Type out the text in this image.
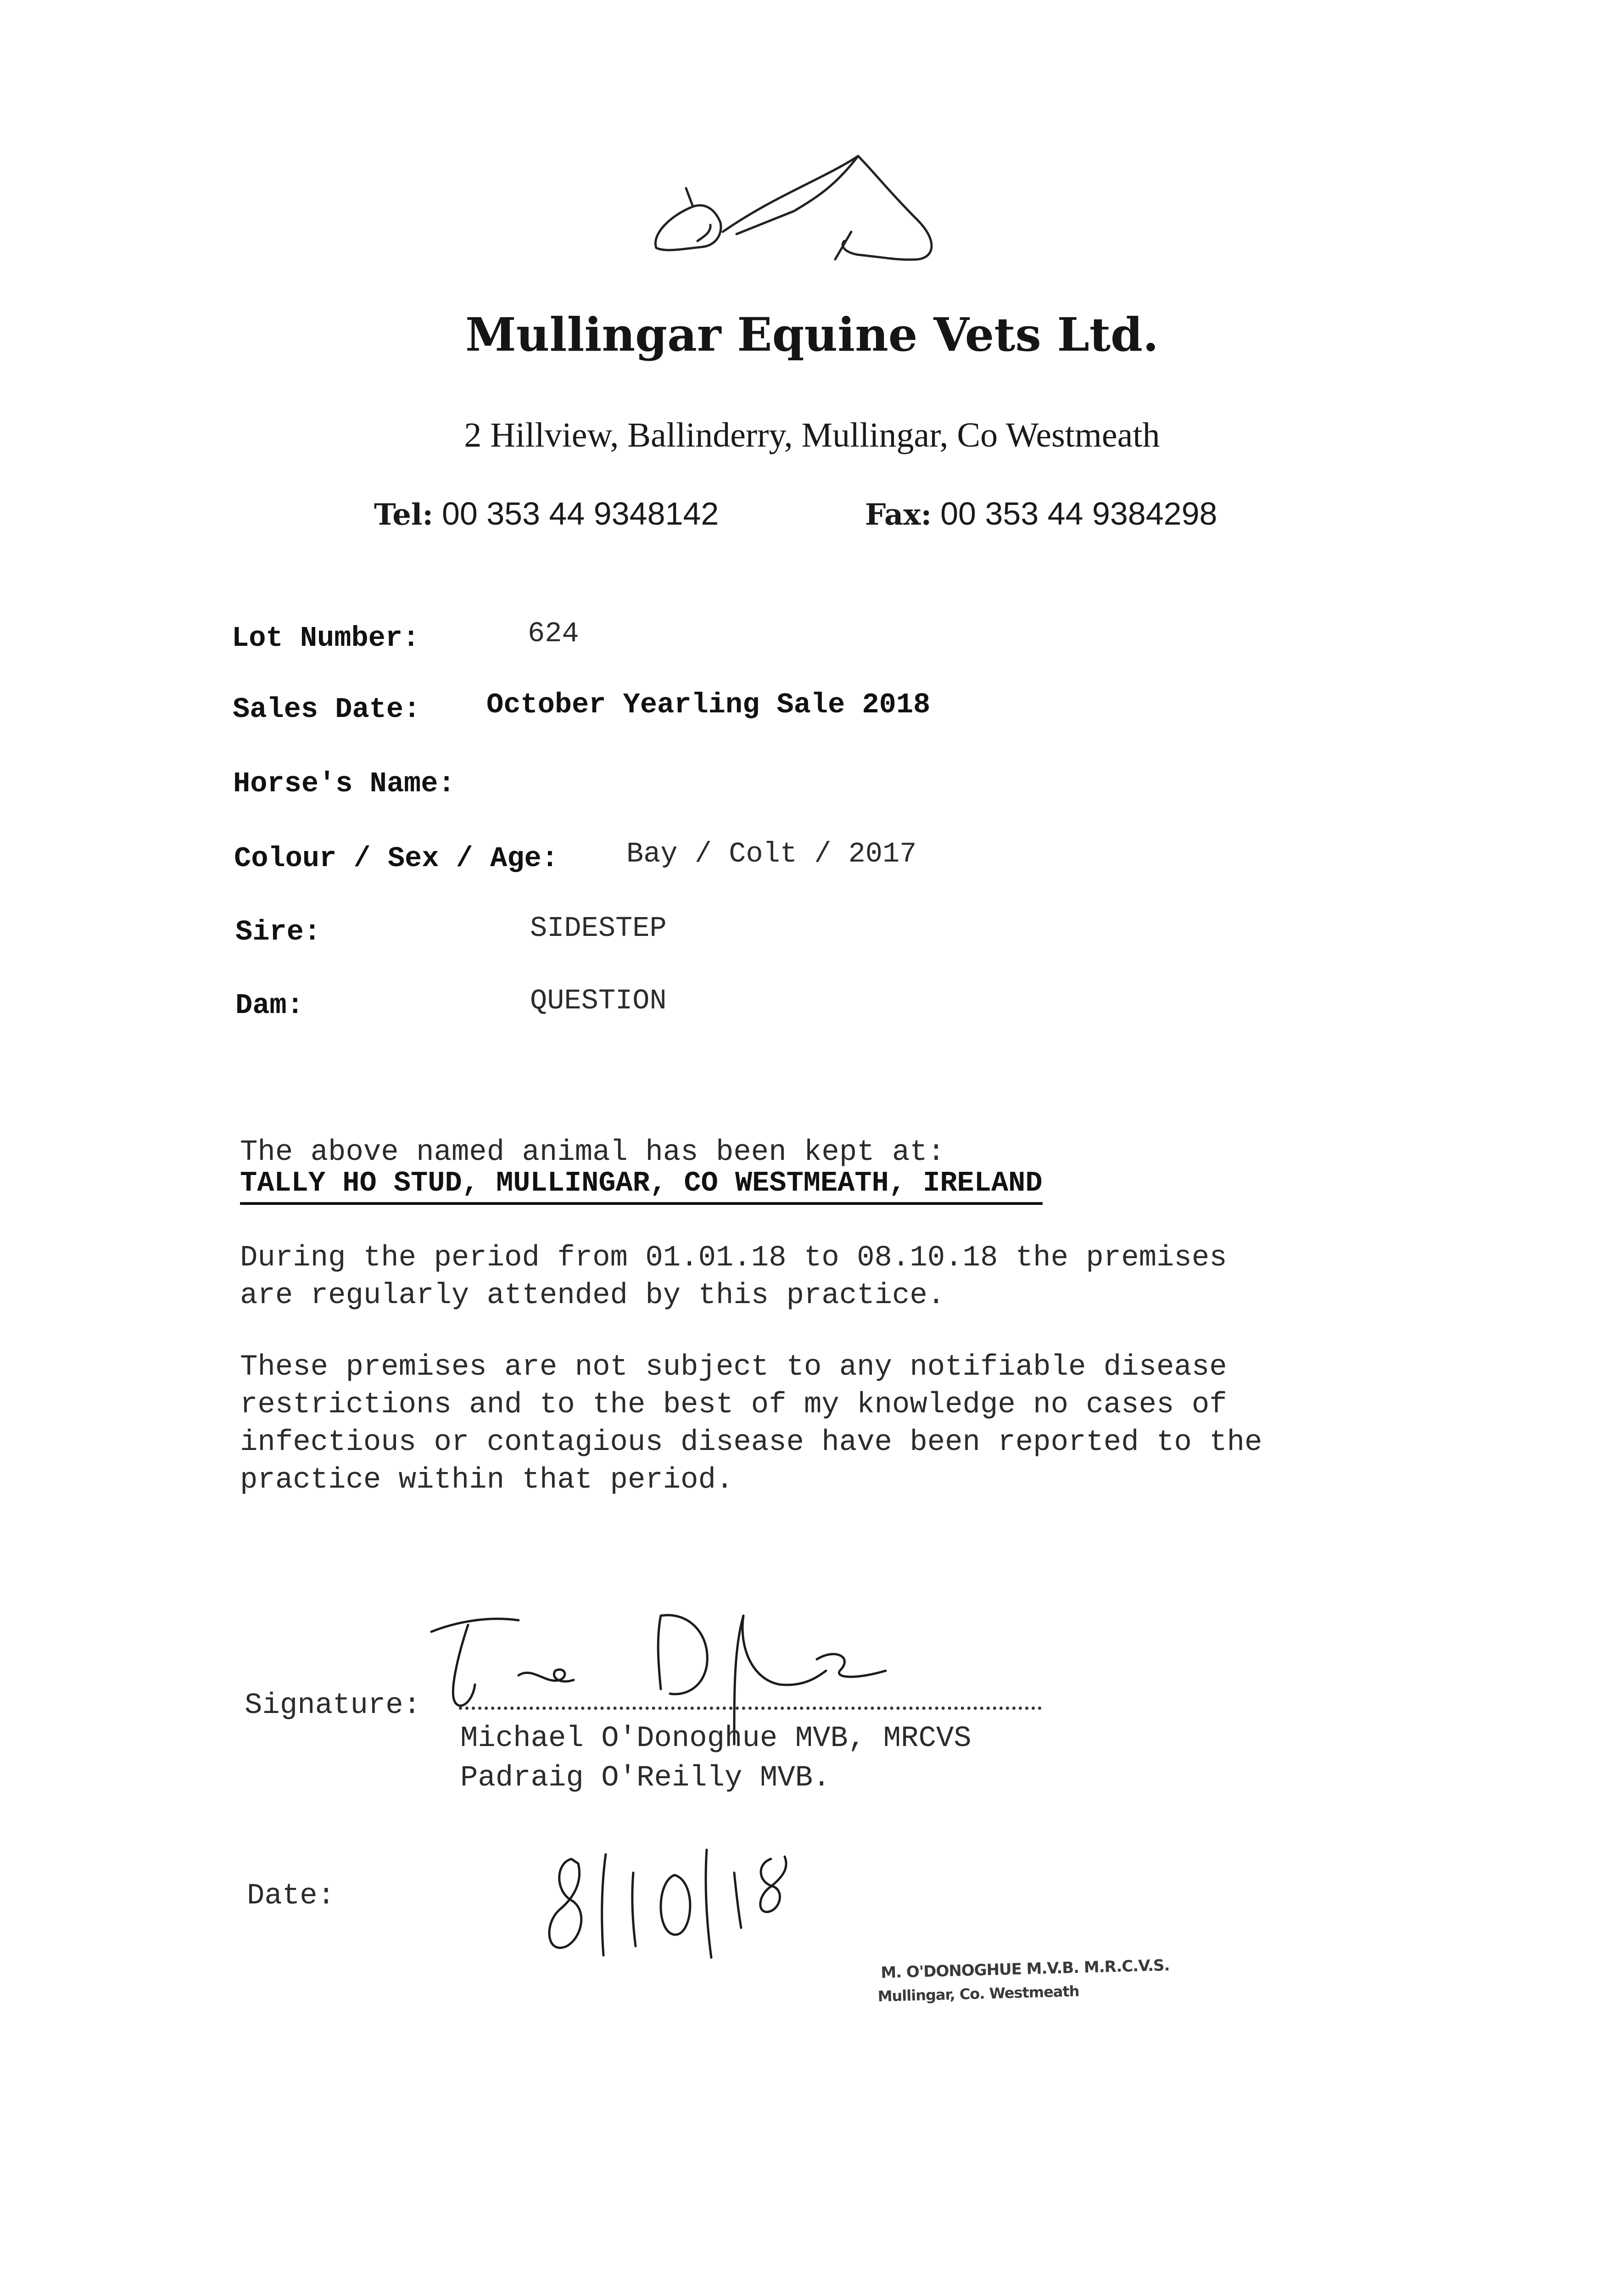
Mullingar Equine Vets Ltd.
2 Hillview, Ballinderry, Mullingar, Co Westmeath
Tel: 00 353 44 9348142	Fax: 00 353 44 9384298
Lot Number:	624
Sales Date: October Yearling Sale 2018
Horse's Name:
Colour / Sex / Age: Bay / Colt / 2017
Sire:	SIDESTEP
Dam:	QUESTION
The above named animal has been kept at:
TALLY HO STUD, MULLINGAR, CO WESTMEATH, IRELAND
During the period from 01.01.18 to 08.10.18 the premises
are regularly attended by this practice.
These premises are not subject to any notifiable disease
restrictions and to the best of my knowledge no cases of
infectious or contagious disease have been reported to the
practice within that period.
Signature:
Michael O'Donoghue MVB, MRCVS
Padraig O'Reilly MVB.
Date:
M. O'DONOGHUE M.V.B. M.R.C.V.S.
Mullingar, Co. Westmeath
